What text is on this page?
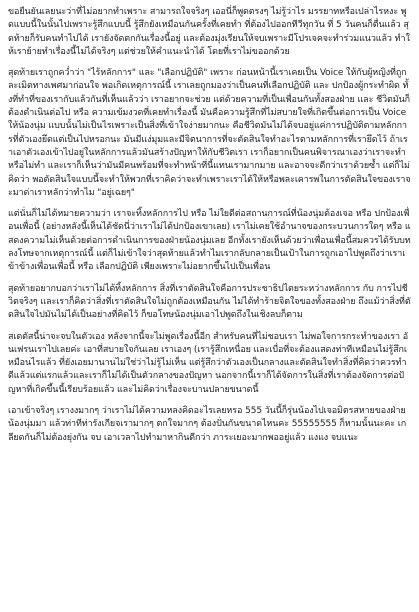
ขอยืนยันเลยนะว่าที่ไม่อยากทำเพราะ สามารถใจจริงๆ เออนี่ก็พูดตรงๆ ไม่รู้ว่าไร มรรยาทหรือเปล่าไรหงะ พูดแบบนี้ในนั้นไปเพราะรู้สึกแบบนี้ รู้สึกยังเหมือนกันครั้งที่เคยทำ ที่ต้องไปออกทีวีทุกวัน ที่ 5 วันคนก็ตื่นแล้ว สุดท้ายก็รับคนทำไปได้ เรายังจัดตกกันเรื่องนี้อยู่ และต้องมุ่งเรียนให้จบเพราะมีโปรเจคจะทำร่วมแนวแล้ว ทำให้เราย้ายทำเรื่องนี้ไม่ได้จริงๆ แต่ช่วยให้คำแนะนำได้ โดยที่เราไม่ขออกด้วย

สุดท้ายเราถูกคว่ำว่า "ไร้หลักการ" และ "เลือกปฏิบัติ" เพราะ ก่อนหน้านี้เราเคยเป็น Voice ให้กับผู้หญิงที่ถูกละเมิดทางเพศมาก่อนใจ พอเกิดเหตุการณ์นี้ เราเลยถูกมองว่าเป็นคนที่เลือกปฏิบัติ และ ปกป้องผู้กระทำผิด ทั้งที่ทำที่ของเรากับแล้วกันที่เห็นแล้วว่า เราอยากจะช่วย แต่ด้วยความที่เป็นเพื่อนกันทั้งสองฝ่าย และ ชีวิตมันก็ต้องดำเนินต่อไป หรือ ความเข้มงวดที่เคยทำเรื่องนี้ มันคือความรู้สึกที่ไม่สบายใจที่เกิดขึ้นต่อการเป็น Voice ให้น้องนุ่ม แบบนั้นไม่เป็นไรเพราะเป็นสิ่งที่เข้าใจง่ายมากนะ คือชีวิตมันไม่ได้จบอยู่แค่การปฏิบัติตามหลักการที่ตัวเองยึดแต่เป็นไปหรอกนะ มันมีแง่มุมและมีจิตนาการที่จะตัดสินใจทำอะไรตามหลักการที่เรายึดไว้ ถ้าเราเอาตัวเองเข้าไปอยู่ในหลักการแล้วมันสร้างปัญหาให้กับชีวิตเรา เราก็อยากเป็นคนพิจารณาเองว่าเราจะทำหรือไม่ทำ และเราก็เห็นว่ามันมีคนพร้อมที่จะทำหน้าที่นี้แทนเรามากมาย และอาจจะดีกว่าเราด้วยซ้ำ แต่ก็ไม่คิดว่า พอตัดสินใจแบบนี้จะทำให้พวกที่เราคิดว่าจะทำเพราะเราได้ให้หรือพละเคารพในการตัดสินใจของเราจะมาด่าเราหลักว่าทำไม "อยู่เฉยๆ"

แต่นั่นก็ไม่ได้หมายความว่า เราจะทิ้งหลักการไป หรือ ไม่ใยดีต่อสถานการณ์ที่น้องนุ่มต้องเจอ หรือ ปกป้องเพื่อนเพื่อนี้ (อย่างหลังนี้เห็นได้ชัดนี่ว่าเราไม่ได้ปกป้องเขาเลย) เราไม่เคยใช้อำนาจของกระบวนการใดๆ หรือ แสดงความไม่เห็นด้วยต่อการดำเนินการของฝ่ายน้องนุ่มเลย อีกทั้งเรายังเห็นด้วยว่าเพื่อนเพื่อนี้สมควรได้รับบทลงโทษจากเหตุการณ์นี้ แต่ก็ไม่เข้าใจว่าสุดท้ายแล้วทำไมเรากลับกลายเป็นเป้าในการถูกเอาไปพูดถึงว่าเราเข้าข้างเพื่อนเพื่อนี้ หรือ เลือกปฏิบัติ เพียงเพราะไม่อยากขึ้นไปเป็นเพื่อน

สุดท้ายอยากบอกว่าเราไม่ได้ทิ้งหลักการ สิ่งที่เราตัดสินใจคือการประชาธิปไตยระหว่างหลักการ กับ การไปชีวิตจริงๆ และเราก็คิดว่าสิ่งที่เราตัดสินใจไม่ถูกต้องเหมือนกัน ไม่ได้ทำร้ายจิตใจของทั้งสองฝ่าย ถึงแม้ว่าสิ่งที่ตัดสินใจไปมันไม่ได้เป็นอย่างที่คิดไว้ ก็ขอโทษน้องนุ่มเอาไปพูดถึงในเชิงลบก็ตาม

สเตตัสนี้น่าจะจบในตัวเอง หลังจากนี้จะไม่พูดเรื่องนี้อีก สำหรับคนที่ไม่ชอบเรา ไม่พอใจการกระทำของเรา อันเฟรนเราไปเลยค่ะ เอาที่สบายใจกันเลย เราเองๆ (เรารู้สึกเหนื่อย และเบื่อที่จะต้องแสดงท่าทีเหมือนไม่รู้สึกเหมือนไรแล้ว ที่ยังเอยมานานไม่ใช่ว่าไม่รู้ไม่เห็น แต่รู้สึกว่าตัวเองเป็นกลางและตัดสินใจทำสิ่งที่คิดว่าควรทำดีแล้วแต่แรกแล้วและเราก็ไม่ได้เป็นตัวกลางของปัญหา นอกจากนี้เราก็ได้จัดการในสิ่งที่เราต้องจัดการต่อปัญหาที่เกิดขึ้นนี้เรียบร้อยแล้ว และไม่คิดว่าเรื่องจะบานปลายขนาดนี้

เอาเข้าจริงๆ เรางงมากๆ ว่าเราไม่ได้ความหลงคิดอะไรเลยหรอ 555 วันนี้ก็รุ่นน้องไปเจอมิตรสหายของฝ่ายน้องนุ่มมา แล้วท่าทีท่ารังเกียจเรามากๆ ตกใจมากๆ ต้องปั่นกันขนาดไหนคะ 55555555 ก็หามนั้นนะคะ เกลียดกันก็ไม่ต้องยุ่งกัน จบ เอาเวลาไปทำมาหากินดีกว่า ภาระเยอะมากพออยู่แล้ว แงแง จบแนะ
